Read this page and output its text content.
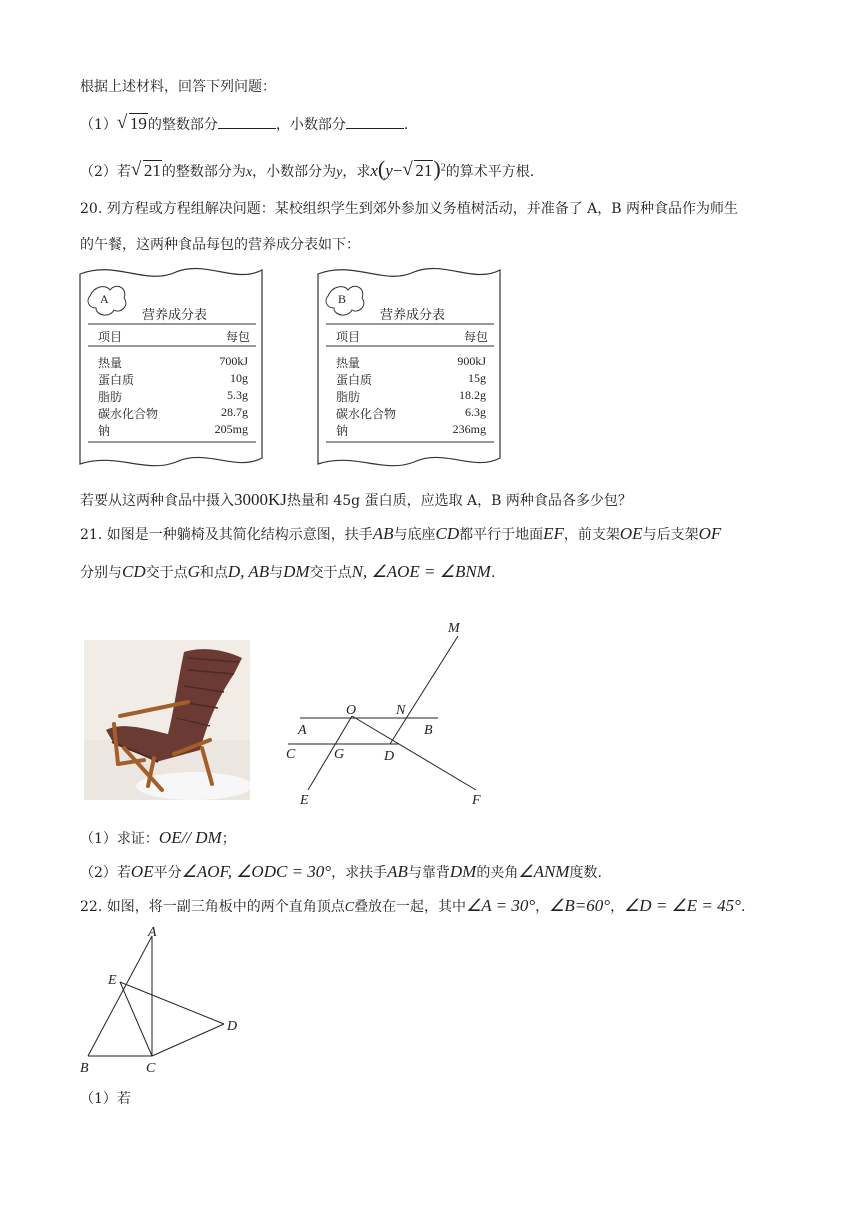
根据上述材料，回答下列问题：
（1） √ 19的整数部分	，小数部分	.
（2）若 √ 21的整数部分为x，小数部分为y，求x(y− √ 21)$^2$的算术平方根.
20. 列方程或方程组解决问题：某校组织学生到郊外参加义务植树活动，并准备了 A，B 两种食品作为师生
的午餐，这两种食品每包的营养成分表如下：
A
营养成分表
项目	每包
热量	700kJ
蛋白质	10g
脂肪	5.3g
碳水化合物	28.7g
钠	205mg
B
营养成分表
项目	每包
热量	900kJ
蛋白质	15g
脂肪	18.2g
碳水化合物	6.3g
钠	236mg
若要从这两种食品中摄入3000KJ热量和 45g 蛋白质，应选取 A，B 两种食品各多少包？
21. 如图是一种躺椅及其简化结构示意图，扶手AB与底座CD都平行于地面EF，前支架OE与后支架OF
分别与CD交于点G和点D, AB与DM交于点N, ∠AOE = ∠BNM.
M
O	N
A	B
C	G	D
E	F
（1）求证：OE// DM；
（2）若OE平分∠AOF, ∠ODC = 30°，求扶手AB与靠背DM的夹角∠ANM度数.
22. 如图，将一副三角板中的两个直角顶点C叠放在一起，其中∠A = 30°，∠B=60°，∠D = ∠E = 45°.
A
E
D
B	C
（1）若
